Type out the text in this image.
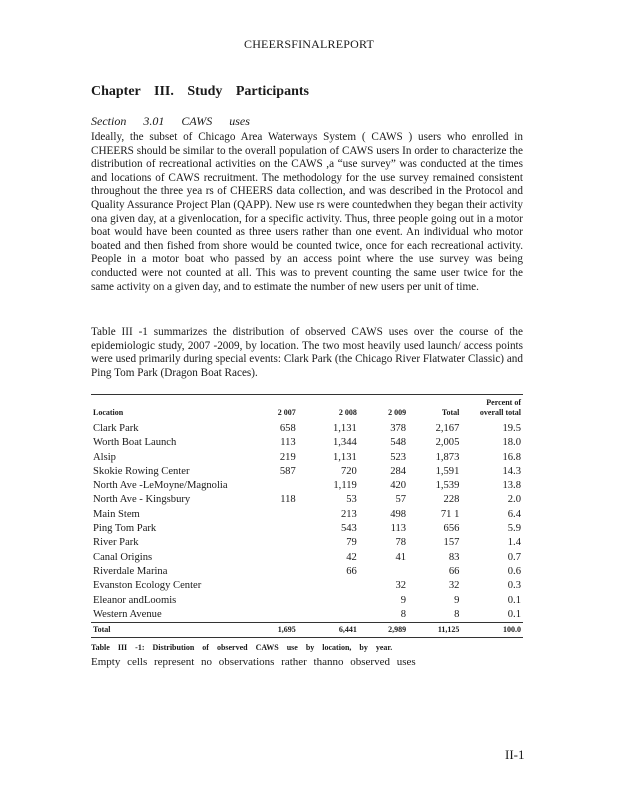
CHEERSFINALREPORT
Chapter III. Study Participants
Section 3.01 CAWS uses

Ideally, the subset of Chicago Area Waterways System ( CAWS ) users who enrolled in CHEERS should be similar to the overall population of CAWS users In order to characterize the distribution of recreational activities on the CAWS ,a “use survey” was conducted at the times and locations of CAWS recruitment. The methodology for the use survey remained consistent throughout the three yea rs of CHEERS data collection, and was described in the Protocol and Quality Assurance Project Plan (QAPP). New use rs were countedwhen they began their activity ona given day, at a givenlocation, for a specific activity. Thus, three people going out in a motor boat would have been counted as three users rather than one event. An individual who motor boated and then fished from shore would be counted twice, once for each recreational activity. People in a motor boat who passed by an access point where the use survey was being conducted were not counted at all. This was to prevent counting the same user twice for the same activity on a given day, and to estimate the number of new users per unit of time.

Table III -1 summarizes the distribution of observed CAWS uses over the course of the epidemiologic study, 2007 -2009, by location. The two most heavily used launch/ access points were used primarily during special events: Clark Park (the Chicago River Flatwater Classic) and Ping Tom Park (Dragon Boat Races).

					Percent of
Location	2 007	2 008	2 009	Total	overall total
Clark Park	658	1,131	378	2,167	19.5
Worth Boat Launch	113	1,344	548	2,005	18.0
Alsip	219	1,131	523	1,873	16.8
Skokie Rowing Center	587	720	284	1,591	14.3
North Ave -LeMoyne/Magnolia		1,119	420	1,539	13.8
North Ave - Kingsbury	118	53	57	228	2.0
Main Stem		213	498	71 1	6.4
Ping Tom Park		543	113	656	5.9
River Park		79	78	157	1.4
Canal Origins		42	41	83	0.7
Riverdale Marina		66		66	0.6
Evanston Ecology Center			32	32	0.3
Eleanor andLoomis			9	9	0.1
Western Avenue			8	8	0.1
Total	1,695	6,441	2,989	11,125	100.0
Table III -1: Distribution of observed CAWS use by location, by year.
Empty cells represent no observations rather thanno observed uses
II-1
